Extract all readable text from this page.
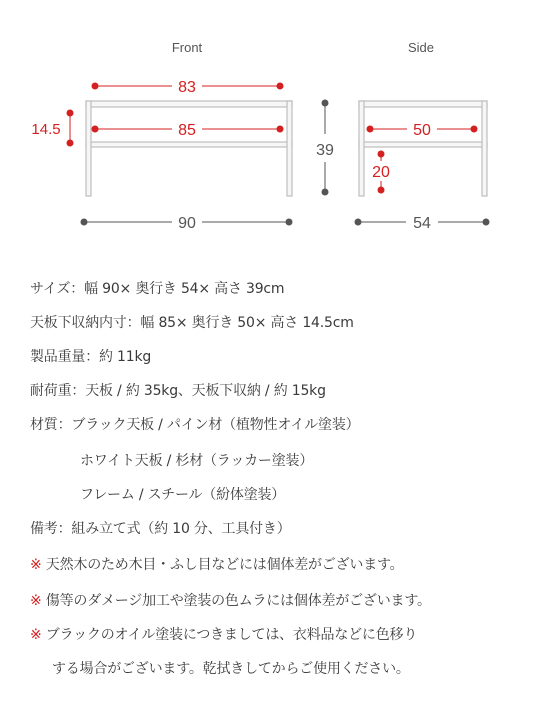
Front	Side
83
85
14.5
90
39
50
20
54
サイズ：幅 90× 奥行き 54× 高さ 39cm
天板下収納内寸：幅 85× 奥行き 50× 高さ 14.5cm
製品重量：約 11kg
耐荷重：天板 / 約 35kg、天板下収納 / 約 15kg
材質：ブラック天板 / パイン材（植物性オイル塗装）
ホワイト天板 / 杉材（ラッカー塗装）
フレーム / スチール（紛体塗装）
備考：組み立て式（約 10 分、工具付き）
※ 天然木のため木目・ふし目などには個体差がございます。
※ 傷等のダメージ加工や塗装の色ムラには個体差がございます。
※ ブラックのオイル塗装につきましては、衣料品などに色移り
する場合がございます。乾拭きしてからご使用ください。
